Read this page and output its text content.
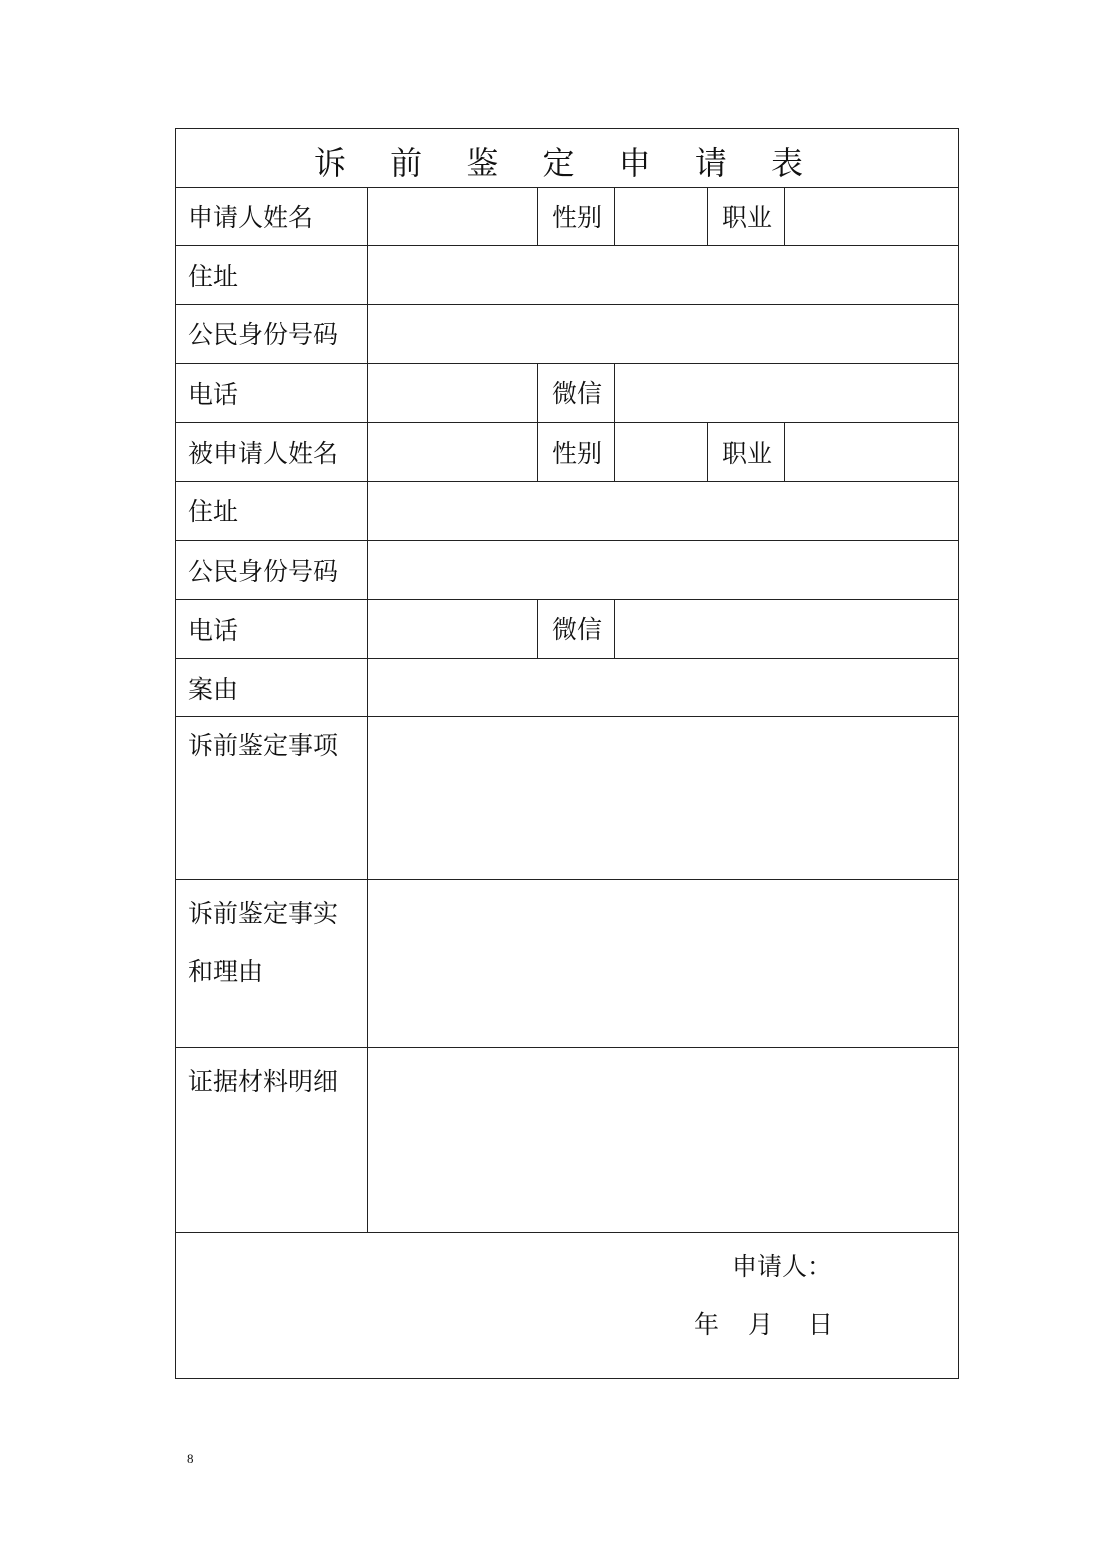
诉 前 鉴 定 申 请 表
申请人姓名	性别	职业
住址
公民身份号码
电话	微信
被申请人姓名	性别	职业
住址
公民身份号码
电话	微信
案由
诉前鉴定事项
诉前鉴定事实
和理由
证据材料明细
申请人：
年 月 日
8
